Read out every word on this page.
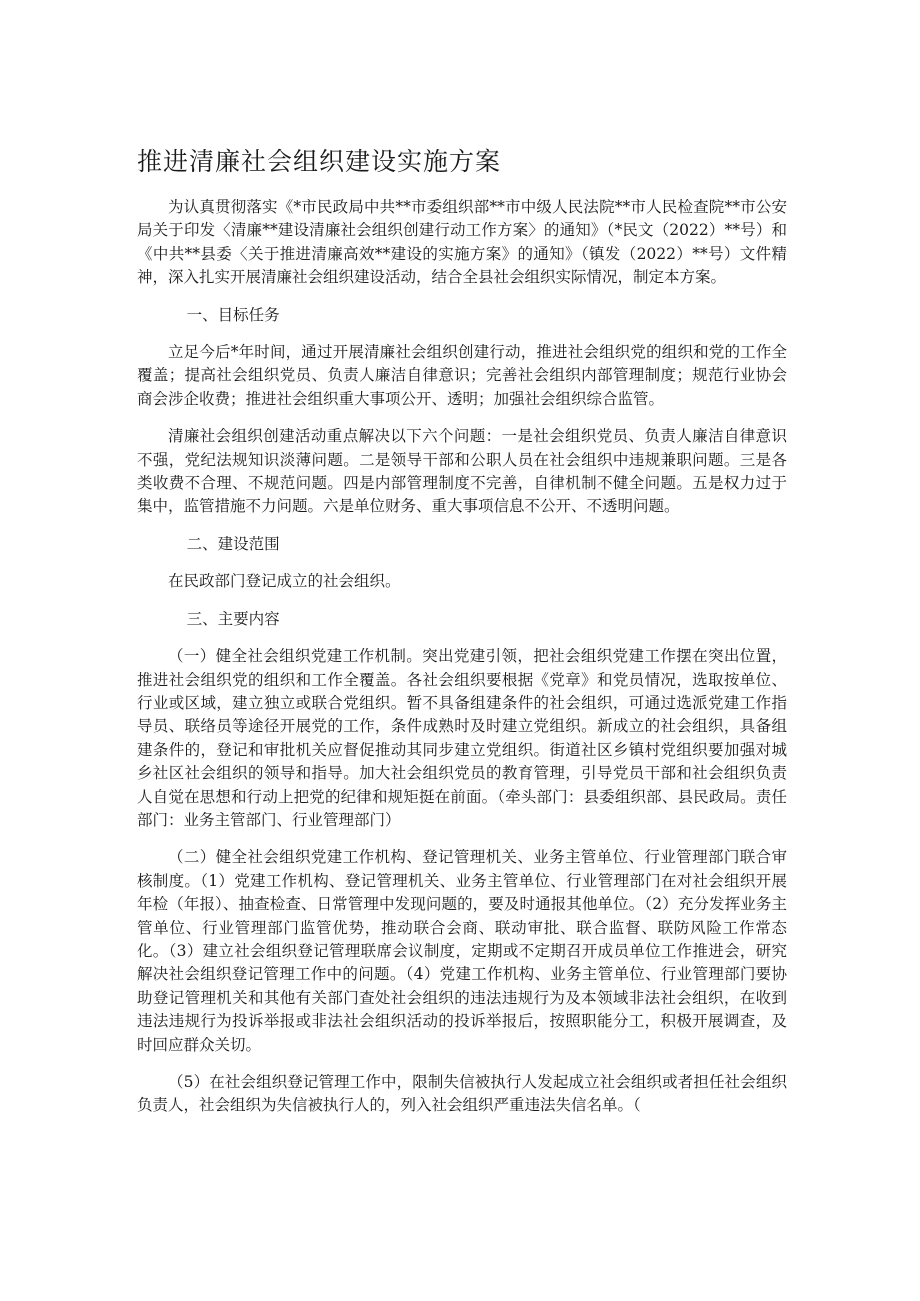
推进清廉社会组织建设实施方案

为认真贯彻落实《*市民政局中共**市委组织部**市中级人民法院**市人民检查院**市公安局关于印发〈清廉**建设清廉社会组织创建行动工作方案〉的通知》（*民文（2022）**号）和《中共**县委〈关于推进清廉高效**建设的实施方案》的通知》（镇发（2022）**号）文件精神，深入扎实开展清廉社会组织建设活动，结合全县社会组织实际情况，制定本方案。

一、目标任务

立足今后*年时间，通过开展清廉社会组织创建行动，推进社会组织党的组织和党的工作全覆盖；提高社会组织党员、负责人廉洁自律意识；完善社会组织内部管理制度；规范行业协会商会涉企收费；推进社会组织重大事项公开、透明；加强社会组织综合监管。

清廉社会组织创建活动重点解决以下六个问题：一是社会组织党员、负责人廉洁自律意识不强，党纪法规知识淡薄问题。二是领导干部和公职人员在社会组织中违规兼职问题。三是各类收费不合理、不规范问题。四是内部管理制度不完善，自律机制不健全问题。五是权力过于集中，监管措施不力问题。六是单位财务、重大事项信息不公开、不透明问题。

二、建设范围

在民政部门登记成立的社会组织。

三、主要内容

（一）健全社会组织党建工作机制。突出党建引领，把社会组织党建工作摆在突出位置，推进社会组织党的组织和工作全覆盖。各社会组织要根据《党章》和党员情况，选取按单位、行业或区域，建立独立或联合党组织。暂不具备组建条件的社会组织，可通过选派党建工作指导员、联络员等途径开展党的工作，条件成熟时及时建立党组织。新成立的社会组织，具备组建条件的，登记和审批机关应督促推动其同步建立党组织。街道社区乡镇村党组织要加强对城乡社区社会组织的领导和指导。加大社会组织党员的教育管理，引导党员干部和社会组织负责人自觉在思想和行动上把党的纪律和规矩挺在前面。（牵头部门：县委组织部、县民政局。责任部门：业务主管部门、行业管理部门）

（二）健全社会组织党建工作机构、登记管理机关、业务主管单位、行业管理部门联合审核制度。（1）党建工作机构、登记管理机关、业务主管单位、行业管理部门在对社会组织开展年检（年报）、抽查检查、日常管理中发现问题的，要及时通报其他单位。（2）充分发挥业务主管单位、行业管理部门监管优势，推动联合会商、联动审批、联合监督、联防风险工作常态化。（3）建立社会组织登记管理联席会议制度，定期或不定期召开成员单位工作推进会，研究解决社会组织登记管理工作中的问题。（4）党建工作机构、业务主管单位、行业管理部门要协助登记管理机关和其他有关部门查处社会组织的违法违规行为及本领域非法社会组织，在收到违法违规行为投诉举报或非法社会组织活动的投诉举报后，按照职能分工，积极开展调查，及时回应群众关切。

（5）在社会组织登记管理工作中，限制失信被执行人发起成立社会组织或者担任社会组织负责人，社会组织为失信被执行人的，列入社会组织严重违法失信名单。（
